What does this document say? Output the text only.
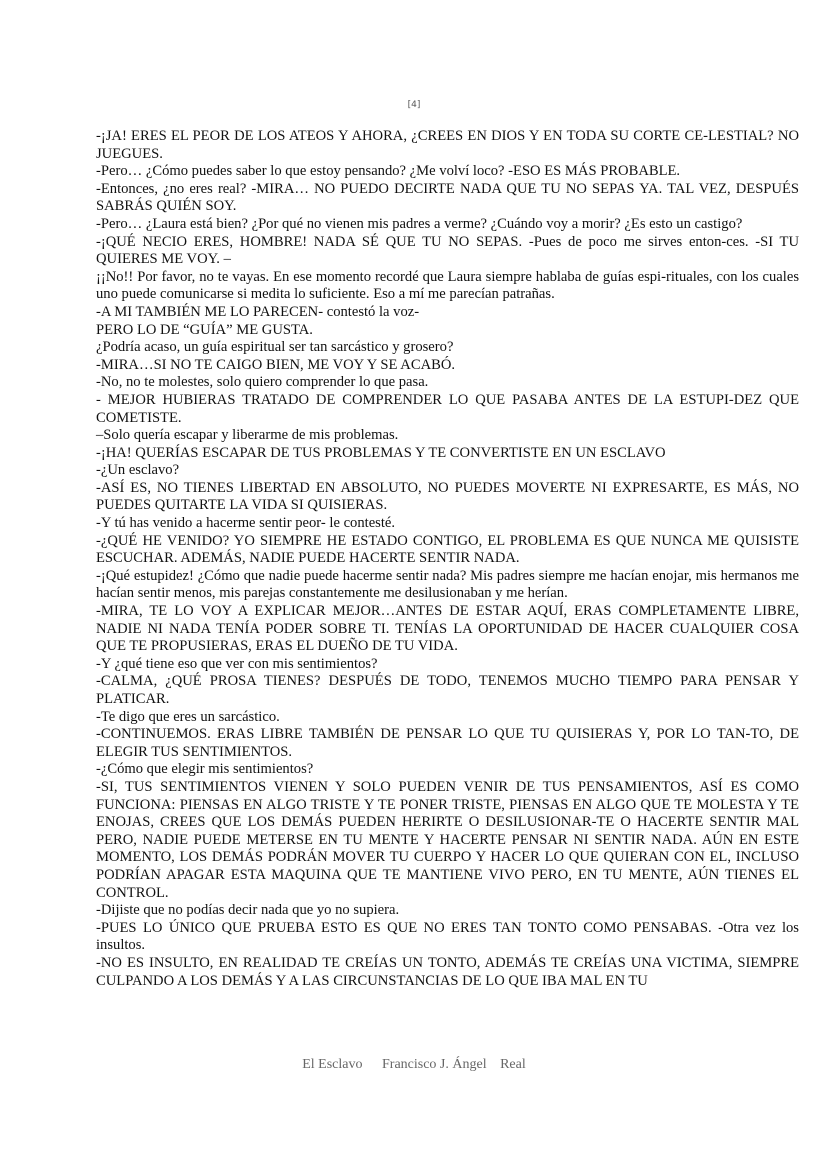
[4]

-¡JA! ERES EL PEOR DE LOS ATEOS Y AHORA, ¿CREES EN DIOS Y EN TODA SU CORTE CE-LESTIAL? NO JUEGUES.

-Pero… ¿Cómo puedes saber lo que estoy pensando? ¿Me volví loco? -ESO ES MÁS PROBABLE.

-Entonces, ¿no eres real? -MIRA… NO PUEDO DECIRTE NADA QUE TU NO SEPAS YA. TAL VEZ, DESPUÉS SABRÁS QUIÉN SOY.

-Pero… ¿Laura está bien? ¿Por qué no vienen mis padres a verme? ¿Cuándo voy a morir? ¿Es esto un castigo?

-¡QUÉ NECIO ERES, HOMBRE! NADA SÉ QUE TU NO SEPAS. -Pues de poco me sirves enton-ces. -SI TU QUIERES ME VOY. –

¡¡No!! Por favor, no te vayas. En ese momento recordé que Laura siempre hablaba de guías espi-rituales, con los cuales uno puede comunicarse si medita lo suficiente. Eso a mí me parecían patrañas.

-A MI TAMBIÉN ME LO PARECEN- contestó la voz-

PERO LO DE “GUÍA” ME GUSTA.

¿Podría acaso, un guía espiritual ser tan sarcástico y grosero?

-MIRA…SI NO TE CAIGO BIEN, ME VOY Y SE ACABÓ.

-No, no te molestes, solo quiero comprender lo que pasa.

- MEJOR HUBIERAS TRATADO DE COMPRENDER LO QUE PASABA ANTES DE LA ESTUPI-DEZ QUE COMETISTE.

–Solo quería escapar y liberarme de mis problemas.

-¡HA! QUERÍAS ESCAPAR DE TUS PROBLEMAS Y TE CONVERTISTE EN UN ESCLAVO

-¿Un esclavo?

-ASÍ ES, NO TIENES LIBERTAD EN ABSOLUTO, NO PUEDES MOVERTE NI EXPRESARTE, ES MÁS, NO PUEDES QUITARTE LA VIDA SI QUISIERAS.

-Y tú has venido a hacerme sentir peor- le contesté.

-¿QUÉ HE VENIDO? YO SIEMPRE HE ESTADO CONTIGO, EL PROBLEMA ES QUE NUNCA ME QUISISTE ESCUCHAR. ADEMÁS, NADIE PUEDE HACERTE SENTIR NADA.

-¡Qué estupidez! ¿Cómo que nadie puede hacerme sentir nada? Mis padres siempre me hacían enojar, mis hermanos me hacían sentir menos, mis parejas constantemente me desilusionaban y me herían.

-MIRA, TE LO VOY A EXPLICAR MEJOR…ANTES DE ESTAR AQUÍ, ERAS COMPLETAMENTE LIBRE, NADIE NI NADA TENÍA PODER SOBRE TI. TENÍAS LA OPORTUNIDAD DE HACER CUALQUIER COSA QUE TE PROPUSIERAS, ERAS EL DUEÑO DE TU VIDA.

-Y ¿qué tiene eso que ver con mis sentimientos?

-CALMA, ¿QUÉ PROSA TIENES? DESPUÉS DE TODO, TENEMOS MUCHO TIEMPO PARA PENSAR Y PLATICAR.

-Te digo que eres un sarcástico.

-CONTINUEMOS. ERAS LIBRE TAMBIÉN DE PENSAR LO QUE TU QUISIERAS Y, POR LO TAN-TO, DE ELEGIR TUS SENTIMIENTOS.

-¿Cómo que elegir mis sentimientos?

-SI, TUS SENTIMIENTOS VIENEN Y SOLO PUEDEN VENIR DE TUS PENSAMIENTOS, ASÍ ES COMO FUNCIONA: PIENSAS EN ALGO TRISTE Y TE PONER TRISTE, PIENSAS EN ALGO QUE TE MOLESTA Y TE ENOJAS, CREES QUE LOS DEMÁS PUEDEN HERIRTE O DESILUSIONAR-TE O HACERTE SENTIR MAL PERO, NADIE PUEDE METERSE EN TU MENTE Y HACERTE PENSAR NI SENTIR NADA. AÚN EN ESTE MOMENTO, LOS DEMÁS PODRÁN MOVER TU CUERPO Y HACER LO QUE QUIERAN CON EL, INCLUSO PODRÍAN APAGAR ESTA MAQUINA QUE TE MANTIENE VIVO PERO, EN TU MENTE, AÚN TIENES EL CONTROL.

-Dijiste que no podías decir nada que yo no supiera.

-PUES LO ÚNICO QUE PRUEBA ESTO ES QUE NO ERES TAN TONTO COMO PENSABAS. -Otra vez los insultos.

-NO ES INSULTO, EN REALIDAD TE CREÍAS UN TONTO, ADEMÁS TE CREÍAS UNA VICTIMA, SIEMPRE CULPANDO A LOS DEMÁS Y A LAS CIRCUNSTANCIAS DE LO QUE IBA MAL EN TU

El Esclavo Francisco J. Ángel Real
